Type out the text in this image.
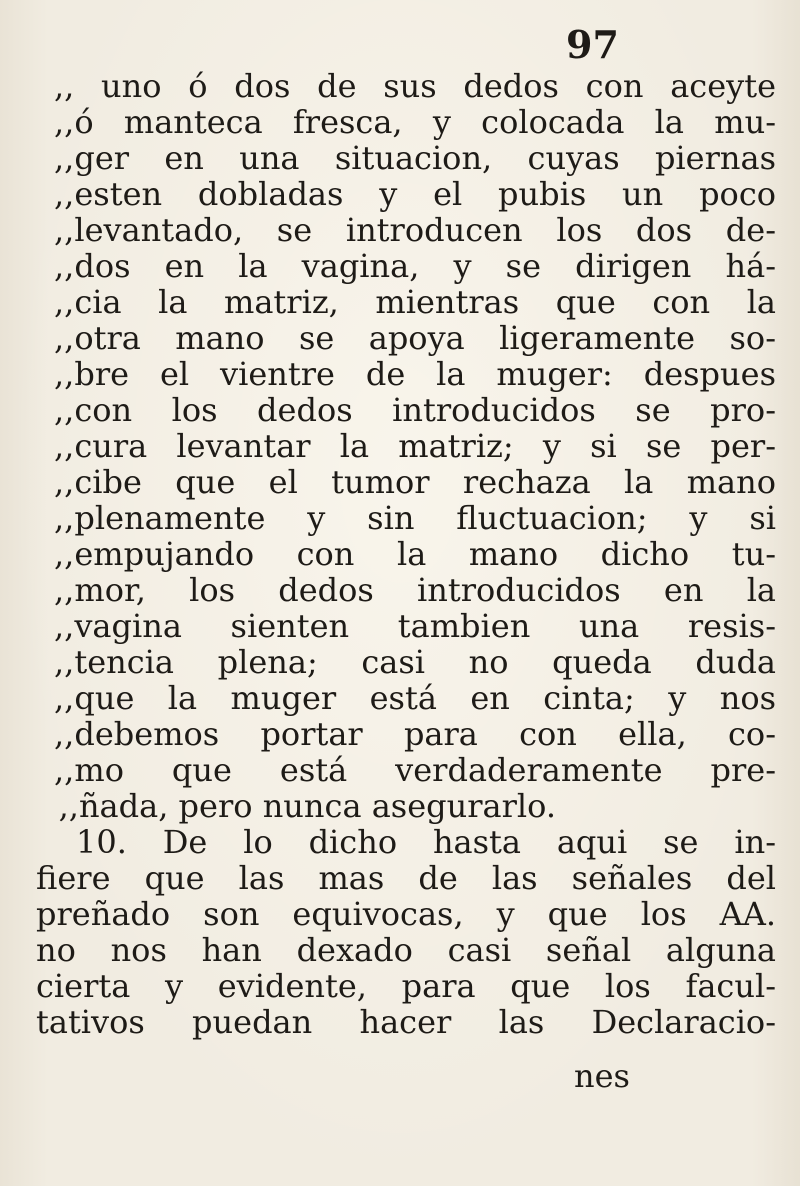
97
,, uno ó dos de sus dedos con aceyte
,,ó manteca fresca, y colocada la mu-
,,ger en una situacion, cuyas piernas
,,esten dobladas y el pubis un poco
,,levantado, se introducen los dos de-
,,dos en la vagina, y se dirigen há-
,,cia la matriz, mientras que con la
,,otra mano se apoya ligeramente so-
,,bre el vientre de la muger: despues
,,con los dedos introducidos se pro-
,,cura levantar la matriz; y si se per-
,,cibe que el tumor rechaza la mano
,,plenamente y sin fluctuacion; y si
,,empujando con la mano dicho tu-
,,mor, los dedos introducidos en la
,,vagina sienten tambien una resis-
,,tencia plena; casi no queda duda
,,que la muger está en cinta; y nos
,,debemos portar para con ella, co-
,,mo que está verdaderamente pre-
,,ñada, pero nunca asegurarlo.
10. De lo dicho hasta aqui se in-
fiere que las mas de las señales del
preñado son equivocas, y que los AA.
no nos han dexado casi señal alguna
cierta y evidente, para que los facul-
tativos puedan hacer las Declaracio-
nes
